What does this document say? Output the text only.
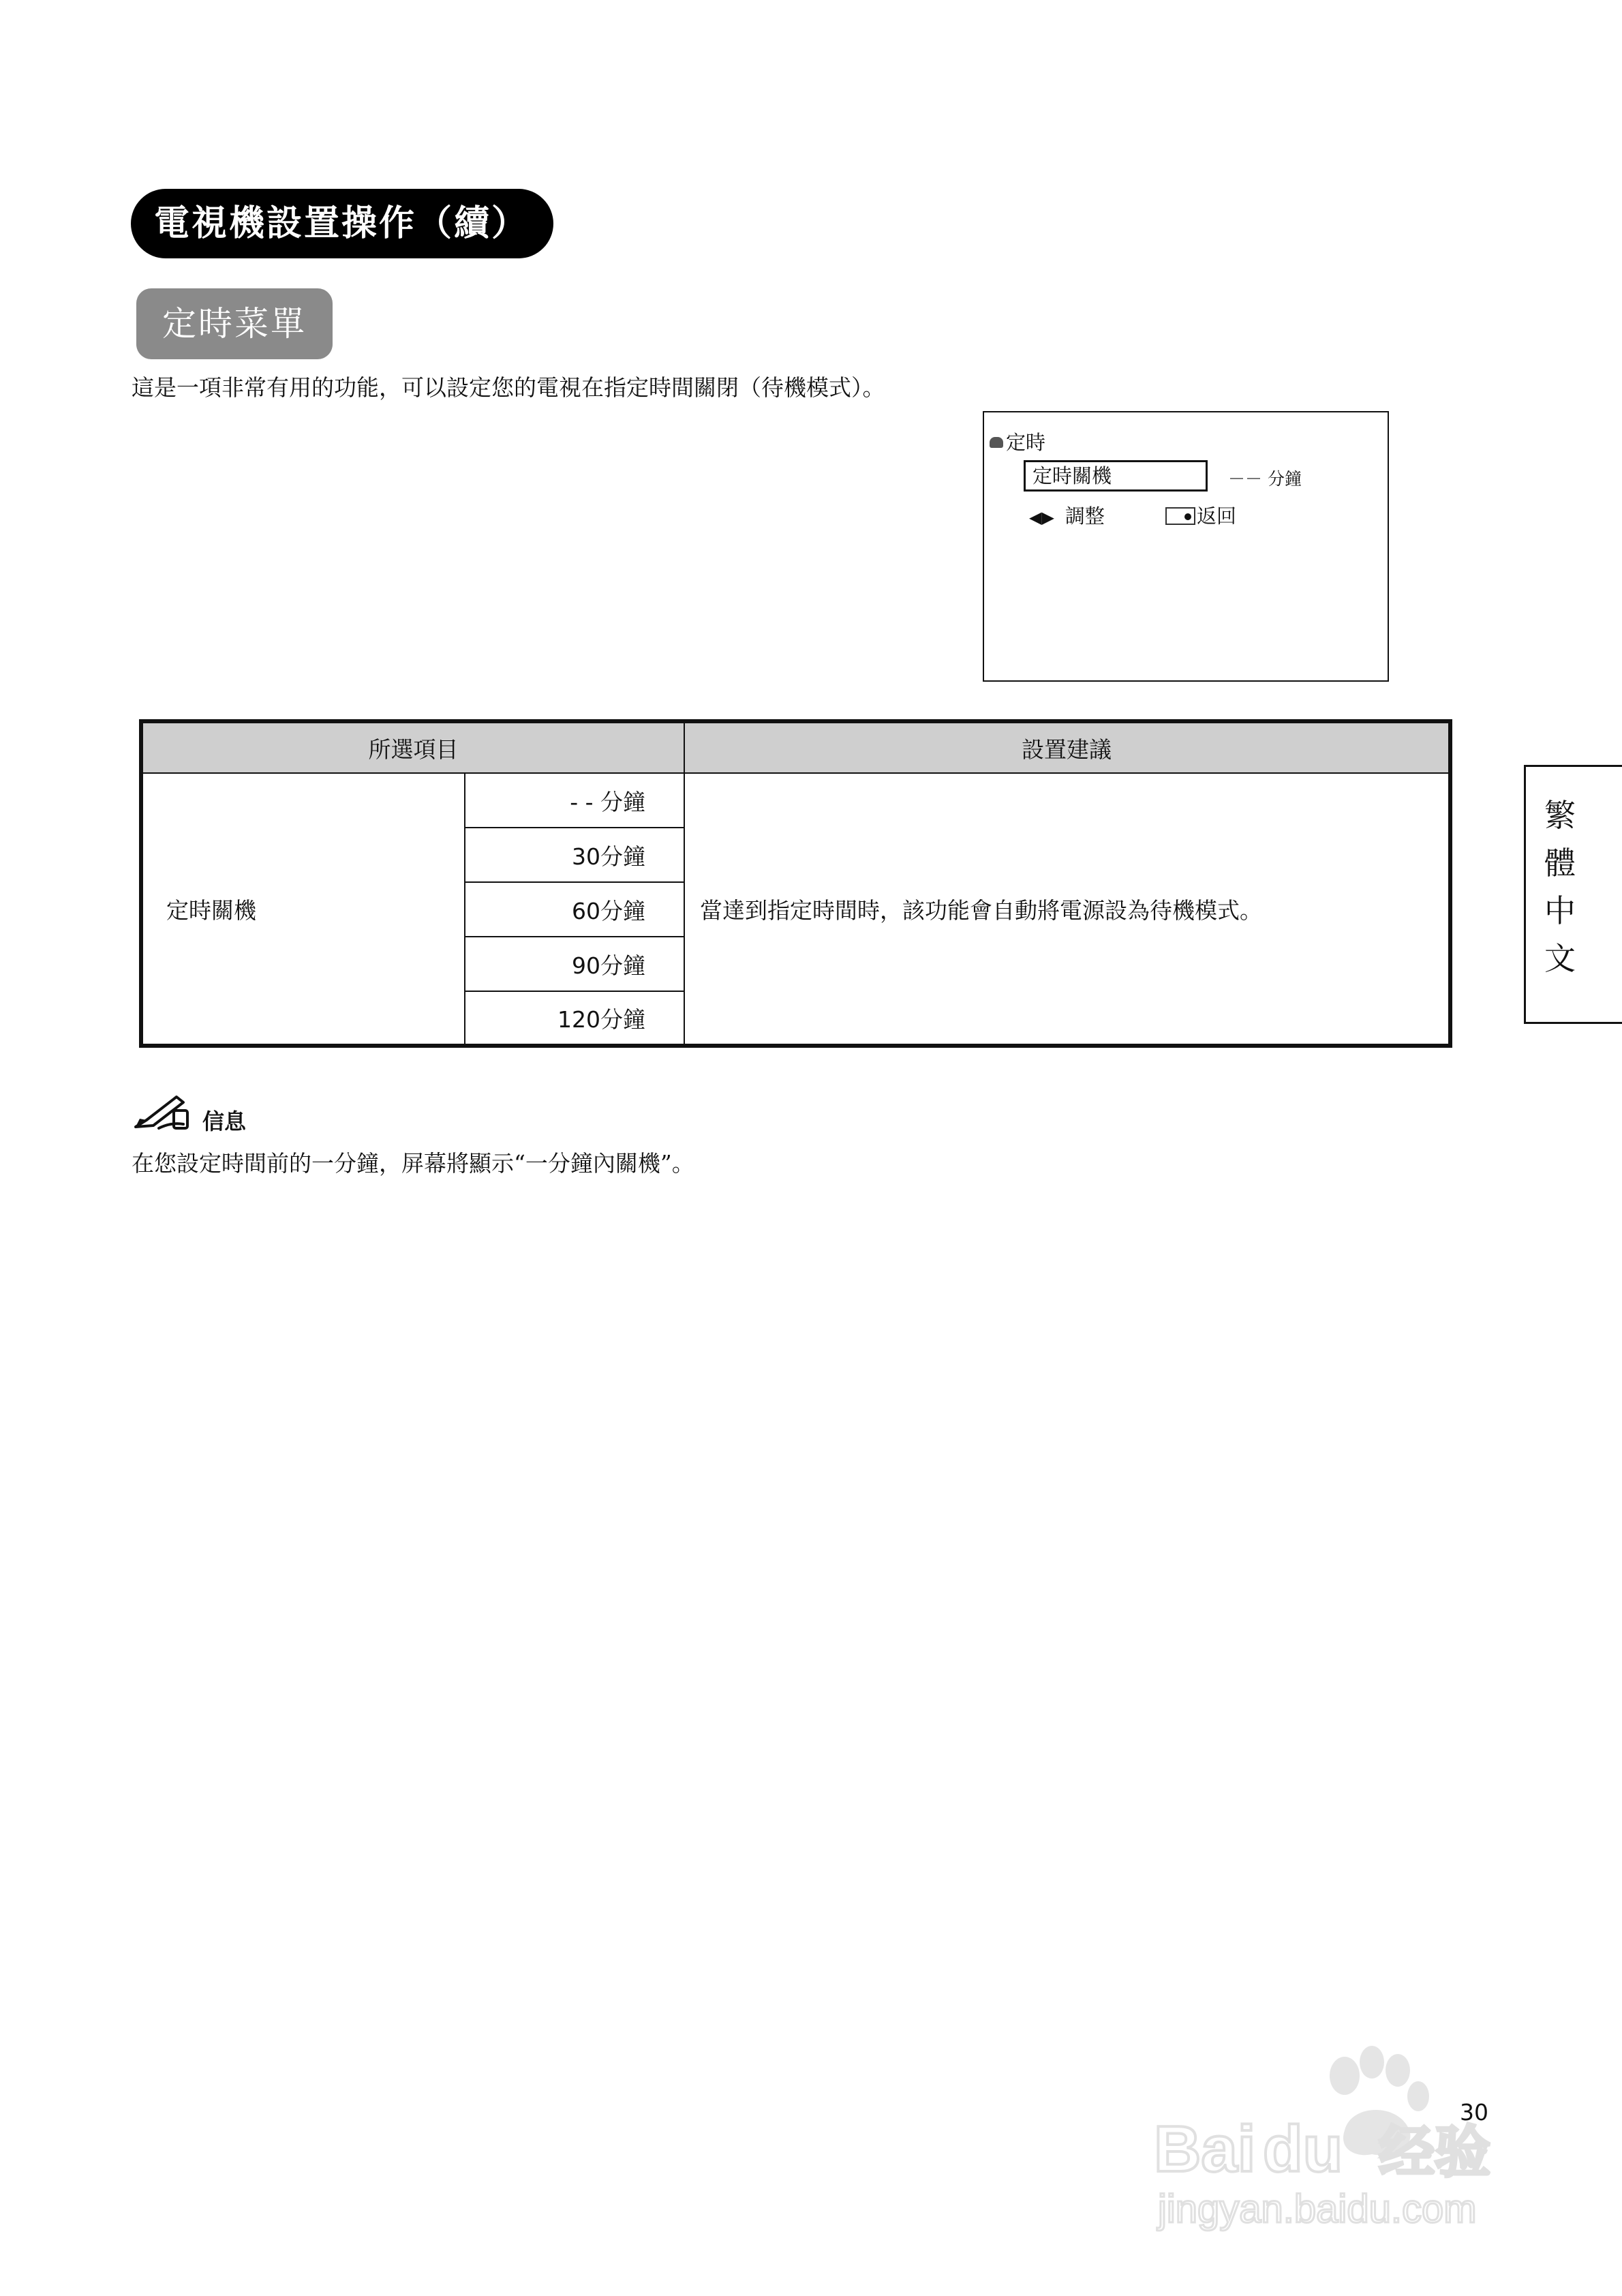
電視機設置操作（續）
定時菜單
這是一項非常有用的功能，可以設定您的電視在指定時間關閉（待機模式）。
定時
定時關機	－－ 分鐘
◀▶ 調整	返回
所選項目		設置建議
定時關機	- - 分鐘	當達到指定時間時，該功能會自動將電源設為待機模式。
	30分鐘	
	60分鐘	
	90分鐘	
	120分鐘	
繁
體
中
文
信息
在您設定時間前的一分鐘，屏幕將顯示“一分鐘內關機”。
30
Bai du 经验
jingyan.baidu.com
